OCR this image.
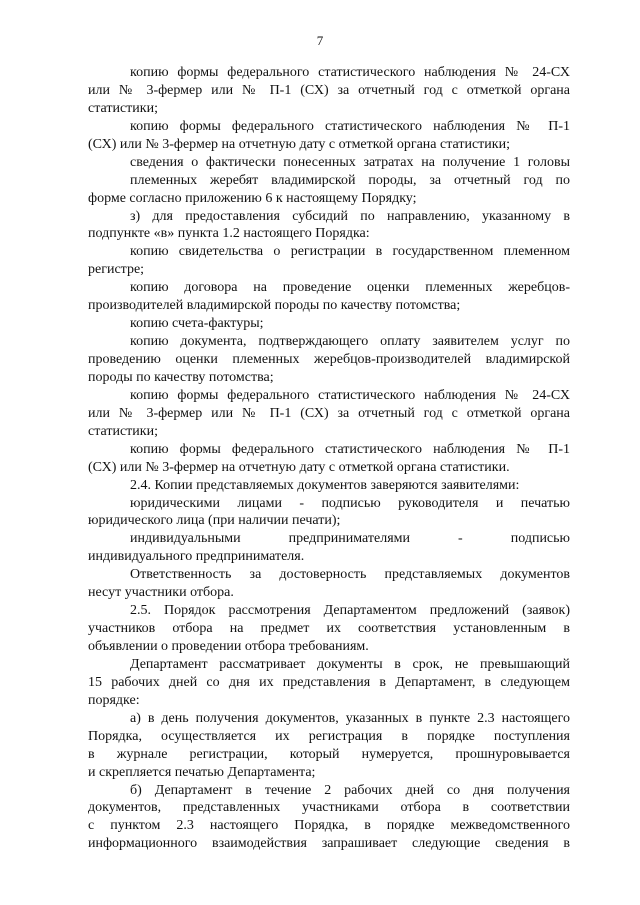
7
копию формы федерального статистического наблюдения № 24-СХ
или № 3-фермер или № П-1 (СХ) за отчетный год с отметкой органа
статистики;
копию формы федерального статистического наблюдения № П-1
(СХ) или № 3-фермер на отчетную дату с отметкой органа статистики;
сведения о фактически понесенных затратах на получение 1 головы
племенных жеребят владимирской породы, за отчетный год по
форме согласно приложению 6 к настоящему Порядку;
з) для предоставления субсидий по направлению, указанному в
подпункте «в» пункта 1.2 настоящего Порядка:
копию свидетельства о регистрации в государственном племенном
регистре;
копию договора на проведение оценки племенных жеребцов-
производителей владимирской породы по качеству потомства;
копию счета-фактуры;
копию документа, подтверждающего оплату заявителем услуг по
проведению оценки племенных жеребцов-производителей владимирской
породы по качеству потомства;
копию формы федерального статистического наблюдения № 24-СХ
или № 3-фермер или № П-1 (СХ) за отчетный год с отметкой органа
статистики;
копию формы федерального статистического наблюдения № П-1
(СХ) или № 3-фермер на отчетную дату с отметкой органа статистики.
2.4. Копии представляемых документов заверяются заявителями:
юридическими лицами - подписью руководителя и печатью
юридического лица (при наличии печати);
индивидуальными предпринимателями - подписью
индивидуального предпринимателя.
Ответственность за достоверность представляемых документов
несут участники отбора.
2.5. Порядок рассмотрения Департаментом предложений (заявок)
участников отбора на предмет их соответствия установленным в
объявлении о проведении отбора требованиям.
Департамент рассматривает документы в срок, не превышающий
15 рабочих дней со дня их представления в Департамент, в следующем
порядке:
а) в день получения документов, указанных в пункте 2.3 настоящего
Порядка, осуществляется их регистрация в порядке поступления
в журнале регистрации, который нумеруется, прошнуровывается
и скрепляется печатью Департамента;
б) Департамент в течение 2 рабочих дней со дня получения
документов, представленных участниками отбора в соответствии
с пунктом 2.3 настоящего Порядка, в порядке межведомственного
информационного взаимодействия запрашивает следующие сведения в
